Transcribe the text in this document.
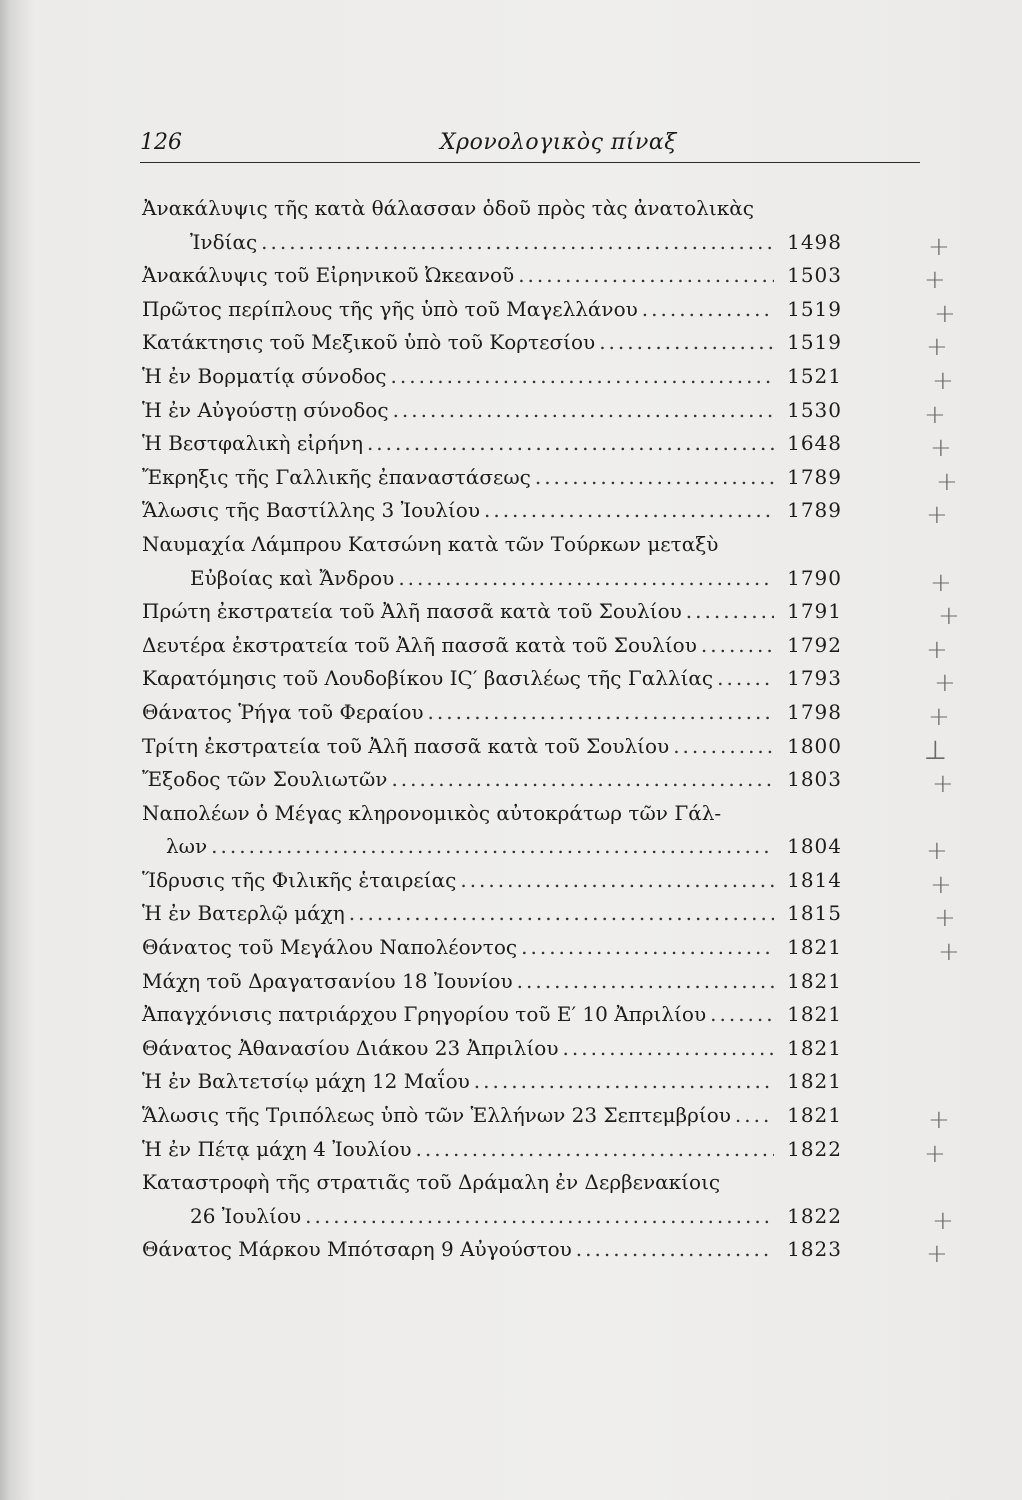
126	Χρονολογικὸς πίναξ
Ἀνακάλυψις τῆς κατὰ θάλασσαν ὁδοῦ πρὸς τὰς ἀνατολικὰς
Ἰνδίας .....	1498
Ἀνακάλυψις τοῦ Εἰρηνικοῦ Ὠκεανοῦ .....	1503
Πρῶτος περίπλους τῆς γῆς ὑπὸ τοῦ Μαγελλάνου .....	1519
Κατάκτησις τοῦ Μεξικοῦ ὑπὸ τοῦ Κορτεσίου .....	1519
Ἡ ἐν Βορματίᾳ σύνοδος .....	1521
Ἡ ἐν Αὐγούστῃ σύνοδος .....	1530
Ἡ Βεστφαλικὴ εἰρήνη .....	1648
Ἔκρηξις τῆς Γαλλικῆς ἐπαναστάσεως .....	1789
Ἅλωσις τῆς Βαστίλλης 3 Ἰουλίου .....	1789
Ναυμαχία Λάμπρου Κατσώνη κατὰ τῶν Τούρκων μεταξὺ
Εὐβοίας καὶ Ἄνδρου .....	1790
Πρώτη ἐκστρατεία τοῦ Ἀλῆ πασσᾶ κατὰ τοῦ Σουλίου .....	1791
Δευτέρα ἐκστρατεία τοῦ Ἀλῆ πασσᾶ κατὰ τοῦ Σουλίου .....	1792
Καρατόμησις τοῦ Λουδοβίκου ΙϚ′ βασιλέως τῆς Γαλλίας .....	1793
Θάνατος Ῥήγα τοῦ Φεραίου .....	1798
Τρίτη ἐκστρατεία τοῦ Ἀλῆ πασσᾶ κατὰ τοῦ Σουλίου .....	1800
Ἔξοδος τῶν Σουλιωτῶν .....	1803
Ναπολέων ὁ Μέγας κληρονομικὸς αὐτοκράτωρ τῶν Γάλ-
λων .....	1804
Ἵδρυσις τῆς Φιλικῆς ἑταιρείας .....	1814
Ἡ ἐν Βατερλῷ μάχη .....	1815
Θάνατος τοῦ Μεγάλου Ναπολέοντος .....	1821
Μάχη τοῦ Δραγατσανίου 18 Ἰουνίου .....	1821
Ἀπαγχόνισις πατριάρχου Γρηγορίου τοῦ Ε′ 10 Ἀπριλίου .....	1821
Θάνατος Ἀθανασίου Διάκου 23 Ἀπριλίου .....	1821
Ἡ ἐν Βαλτετσίῳ μάχη 12 Μαΐου .....	1821
Ἅλωσις τῆς Τριπόλεως ὑπὸ τῶν Ἑλλήνων 23 Σεπτεμβρίου .....	1821
Ἡ ἐν Πέτᾳ μάχη 4 Ἰουλίου .....	1822
Καταστροφὴ τῆς στρατιᾶς τοῦ Δράμαλη ἐν Δερβενακίοις
26 Ἰουλίου .....	1822
Θάνατος Μάρκου Μπότσαρη 9 Αὐγούστου .....	1823
+
+
+
+
+
+
+
+
+
+
+
+
+
+
⊥
+
+
+
+
+
+
+
+
+
